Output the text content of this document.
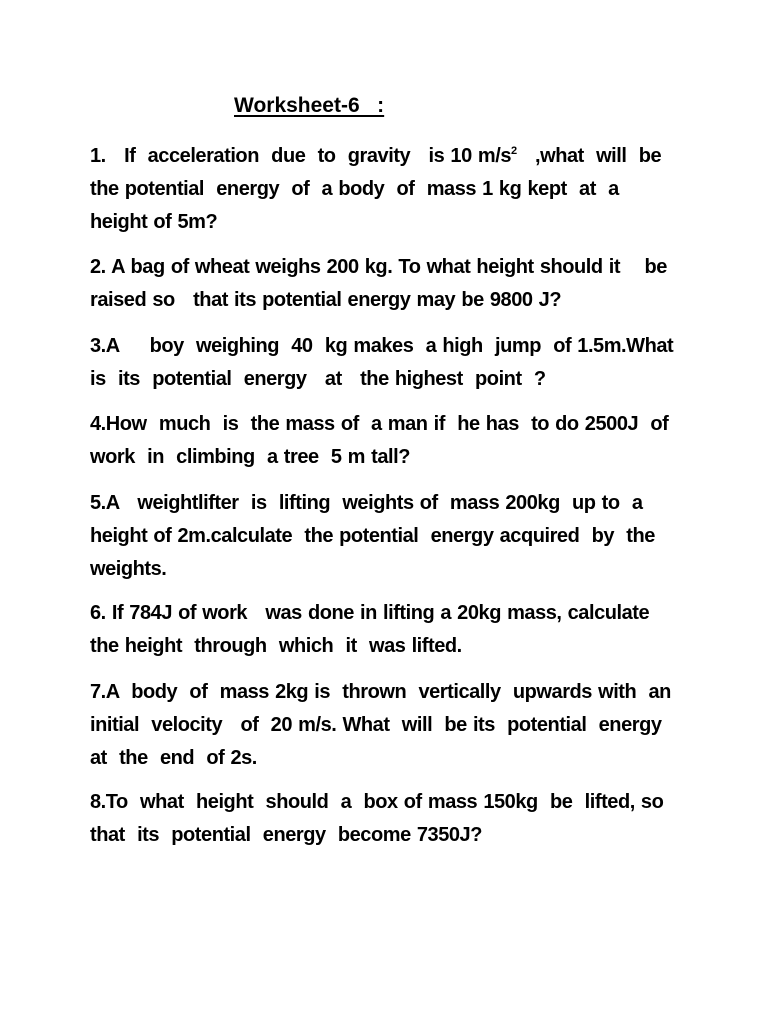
Worksheet-6   :
1.   If  acceleration  due  to  gravity   is 10 $m/s^2$   ,what  will  be
the potential  energy  of  a body  of  mass 1 kg kept  at  a
height of 5m?
2. A bag of wheat weighs 200 kg. To what height should it    be
raised so   that its potential energy may be 9800 J?
3.A     boy  weighing  40  kg makes  a high  jump  of 1.5m.What
is  its  potential  energy   at   the highest  point  ?
4.How  much  is  the mass of  a man if  he has  to do 2500J  of
work  in  climbing  a tree  5 m tall?
5.A   weightlifter  is  lifting  weights of  mass 200kg  up to  a
height of 2m.calculate  the potential  energy acquired  by  the
weights.
6. If 784J of work   was done in lifting a 20kg mass, calculate
the height  through  which  it  was lifted.
7.A  body  of  mass 2kg is  thrown  vertically  upwards with  an
initial  velocity   of  20 m/s. What  will  be its  potential  energy
at  the  end  of 2s.
8.To  what  height  should  a  box of mass 150kg  be  lifted, so
that  its  potential  energy  become 7350J?
